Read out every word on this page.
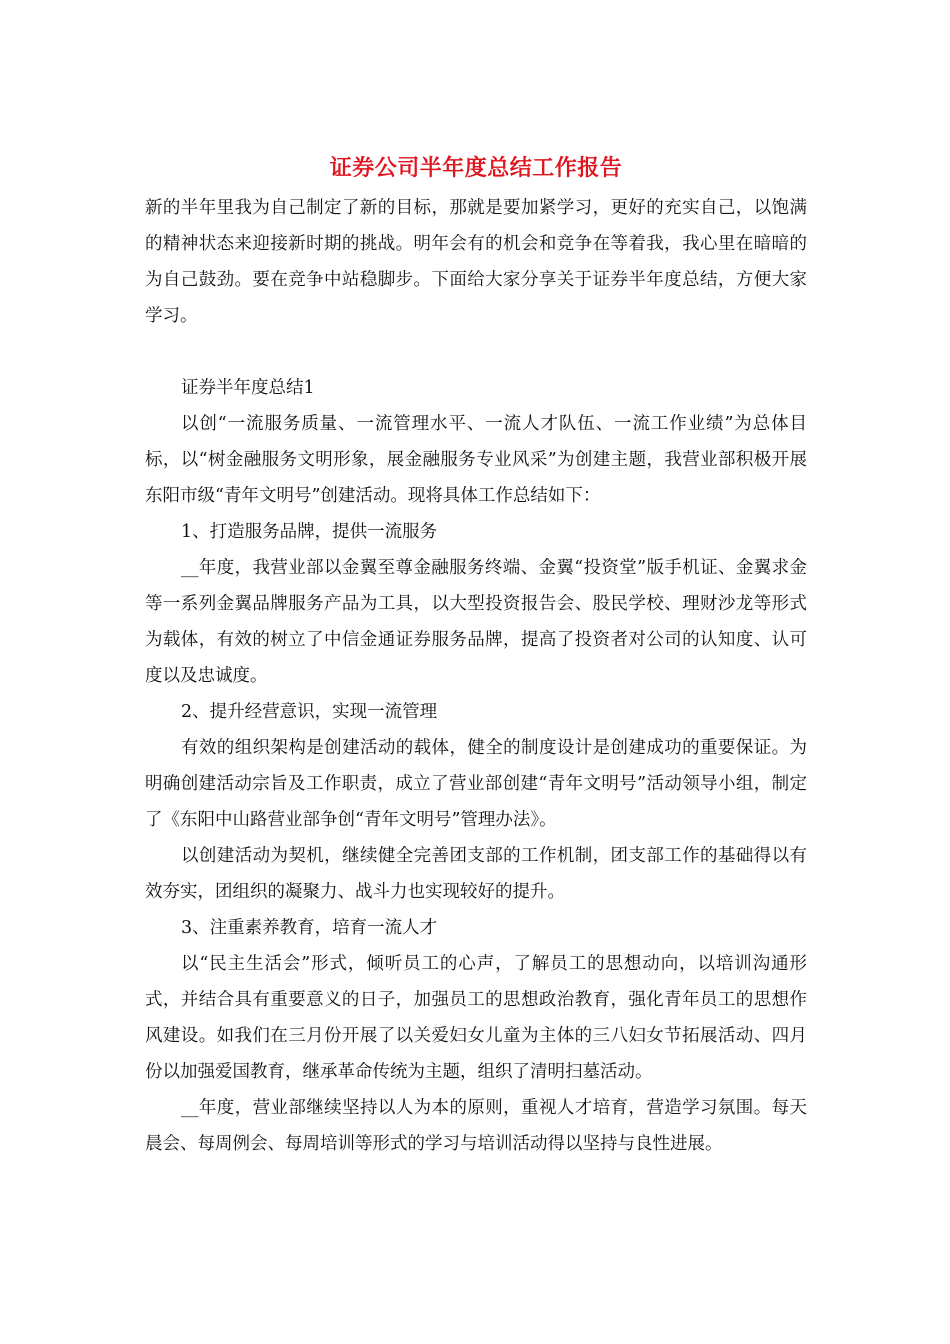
证券公司半年度总结工作报告

新的半年里我为自己制定了新的目标，那就是要加紧学习，更好的充实自己，以饱满的精神状态来迎接新时期的挑战。明年会有的机会和竞争在等着我，我心里在暗暗的为自己鼓劲。要在竞争中站稳脚步。下面给大家分享关于证券半年度总结，方便大家学习。

证券半年度总结1

以创“一流服务质量、一流管理水平、一流人才队伍、一流工作业绩”为总体目标，以“树金融服务文明形象，展金融服务专业风采”为创建主题，我营业部积极开展东阳市级“青年文明号”创建活动。现将具体工作总结如下：

1、打造服务品牌，提供一流服务

__年度，我营业部以金翼至尊金融服务终端、金翼“投资堂”版手机证、金翼求金等一系列金翼品牌服务产品为工具，以大型投资报告会、股民学校、理财沙龙等形式为载体，有效的树立了中信金通证券服务品牌，提高了投资者对公司的认知度、认可度以及忠诚度。

2、提升经营意识，实现一流管理

有效的组织架构是创建活动的载体，健全的制度设计是创建成功的重要保证。为明确创建活动宗旨及工作职责，成立了营业部创建“青年文明号”活动领导小组，制定了《东阳中山路营业部争创“青年文明号”管理办法》。

以创建活动为契机，继续健全完善团支部的工作机制，团支部工作的基础得以有效夯实，团组织的凝聚力、战斗力也实现较好的提升。

3、注重素养教育，培育一流人才

以“民主生活会”形式，倾听员工的心声，了解员工的思想动向，以培训沟通形式，并结合具有重要意义的日子，加强员工的思想政治教育，强化青年员工的思想作风建设。如我们在三月份开展了以关爱妇女儿童为主体的三八妇女节拓展活动、四月份以加强爱国教育，继承革命传统为主题，组织了清明扫墓活动。

__年度，营业部继续坚持以人为本的原则，重视人才培育，营造学习氛围。每天晨会、每周例会、每周培训等形式的学习与培训活动得以坚持与良性进展。
